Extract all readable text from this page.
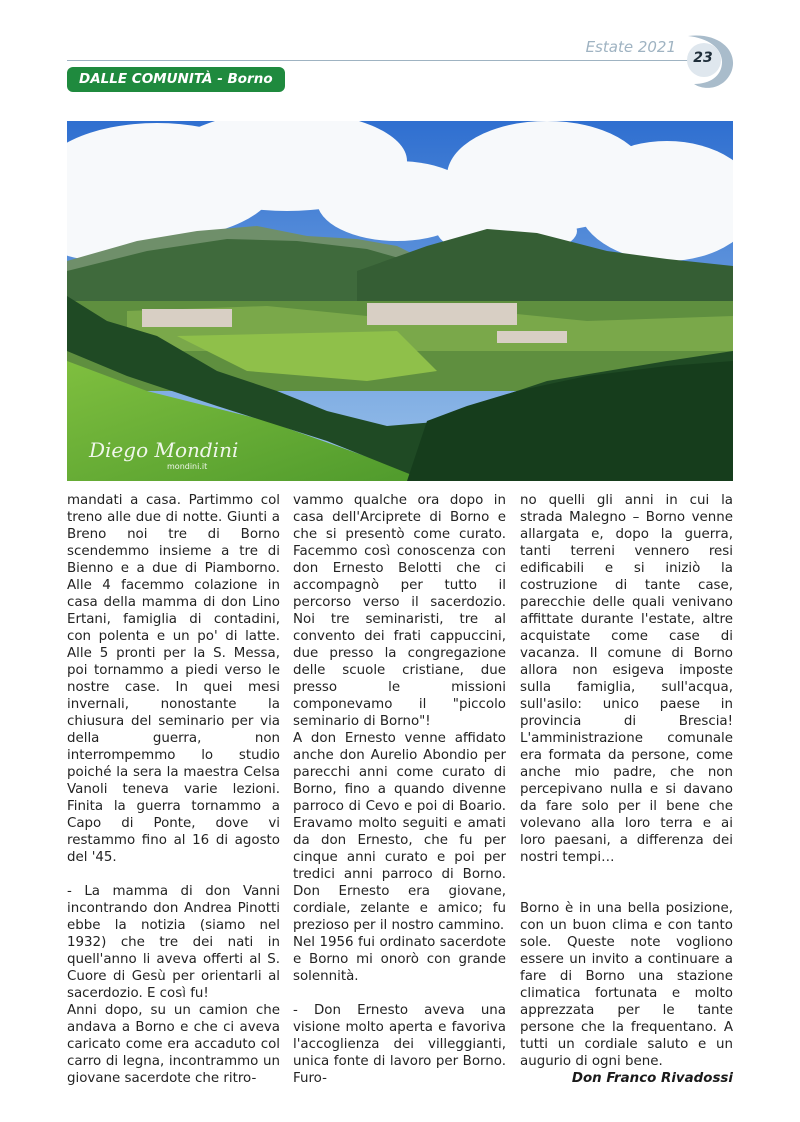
Estate 2021
23
DALLE COMUNITÀ - Borno
Diego Mondini
mondini.it

mandati a casa. Partimmo col treno alle due di notte. Giunti a Breno noi tre di Borno scendemmo insieme a tre di Bienno e a due di Piamborno. Alle 4 facemmo colazione in casa della mamma di don Lino Ertani, famiglia di contadini, con polenta e un po' di latte. Alle 5 pronti per la S. Messa, poi tornammo a piedi verso le nostre case. In quei mesi invernali, nonostante la chiusura del seminario per via della guerra, non interrompemmo lo studio poiché la sera la maestra Celsa Vanoli teneva varie lezioni. Finita la guerra tornammo a Capo di Ponte, dove vi restammo fino al 16 di agosto del '45.

- La mamma di don Vanni incontrando don Andrea Pinotti ebbe la notizia (siamo nel 1932) che tre dei nati in quell'anno li aveva offerti al S. Cuore di Gesù per orientarli al sacerdozio. E così fu!

Anni dopo, su un camion che andava a Borno e che ci aveva caricato come era accaduto col carro di legna, incontrammo un giovane sacerdote che ritro-

vammo qualche ora dopo in casa dell'Arciprete di Borno e che si presentò come curato. Facemmo così conoscenza con don Ernesto Belotti che ci accompagnò per tutto il percorso verso il sacerdozio. Noi tre seminaristi, tre al convento dei frati cappuccini, due presso la congregazione delle scuole cristiane, due presso le missioni componevamo il "piccolo seminario di Borno"!

A don Ernesto venne affidato anche don Aurelio Abondio per parecchi anni come curato di Borno, fino a quando divenne parroco di Cevo e poi di Boario. Eravamo molto seguiti e amati da don Ernesto, che fu per cinque anni curato e poi per tredici anni parroco di Borno. Don Ernesto era giovane, cordiale, zelante e amico; fu prezioso per il nostro cammino.

Nel 1956 fui ordinato sacerdote e Borno mi onorò con grande solennità.

- Don Ernesto aveva una visione molto aperta e favoriva l'accoglienza dei villeggianti, unica fonte di lavoro per Borno. Furo-

no quelli gli anni in cui la strada Malegno – Borno venne allargata e, dopo la guerra, tanti terreni vennero resi edificabili e si iniziò la costruzione di tante case, parecchie delle quali venivano affittate durante l'estate, altre acquistate come case di vacanza. Il comune di Borno allora non esigeva imposte sulla famiglia, sull'acqua, sull'asilo: unico paese in provincia di Brescia! L'amministrazione comunale era formata da persone, come anche mio padre, che non percepivano nulla e si davano da fare solo per il bene che volevano alla loro terra e ai loro paesani, a differenza dei nostri tempi…

Borno è in una bella posizione, con un buon clima e con tanto sole. Queste note vogliono essere un invito a continuare a fare di Borno una stazione climatica fortunata e molto apprezzata per le tante persone che la frequentano. A tutti un cordiale saluto e un augurio di ogni bene.

Don Franco Rivadossi
